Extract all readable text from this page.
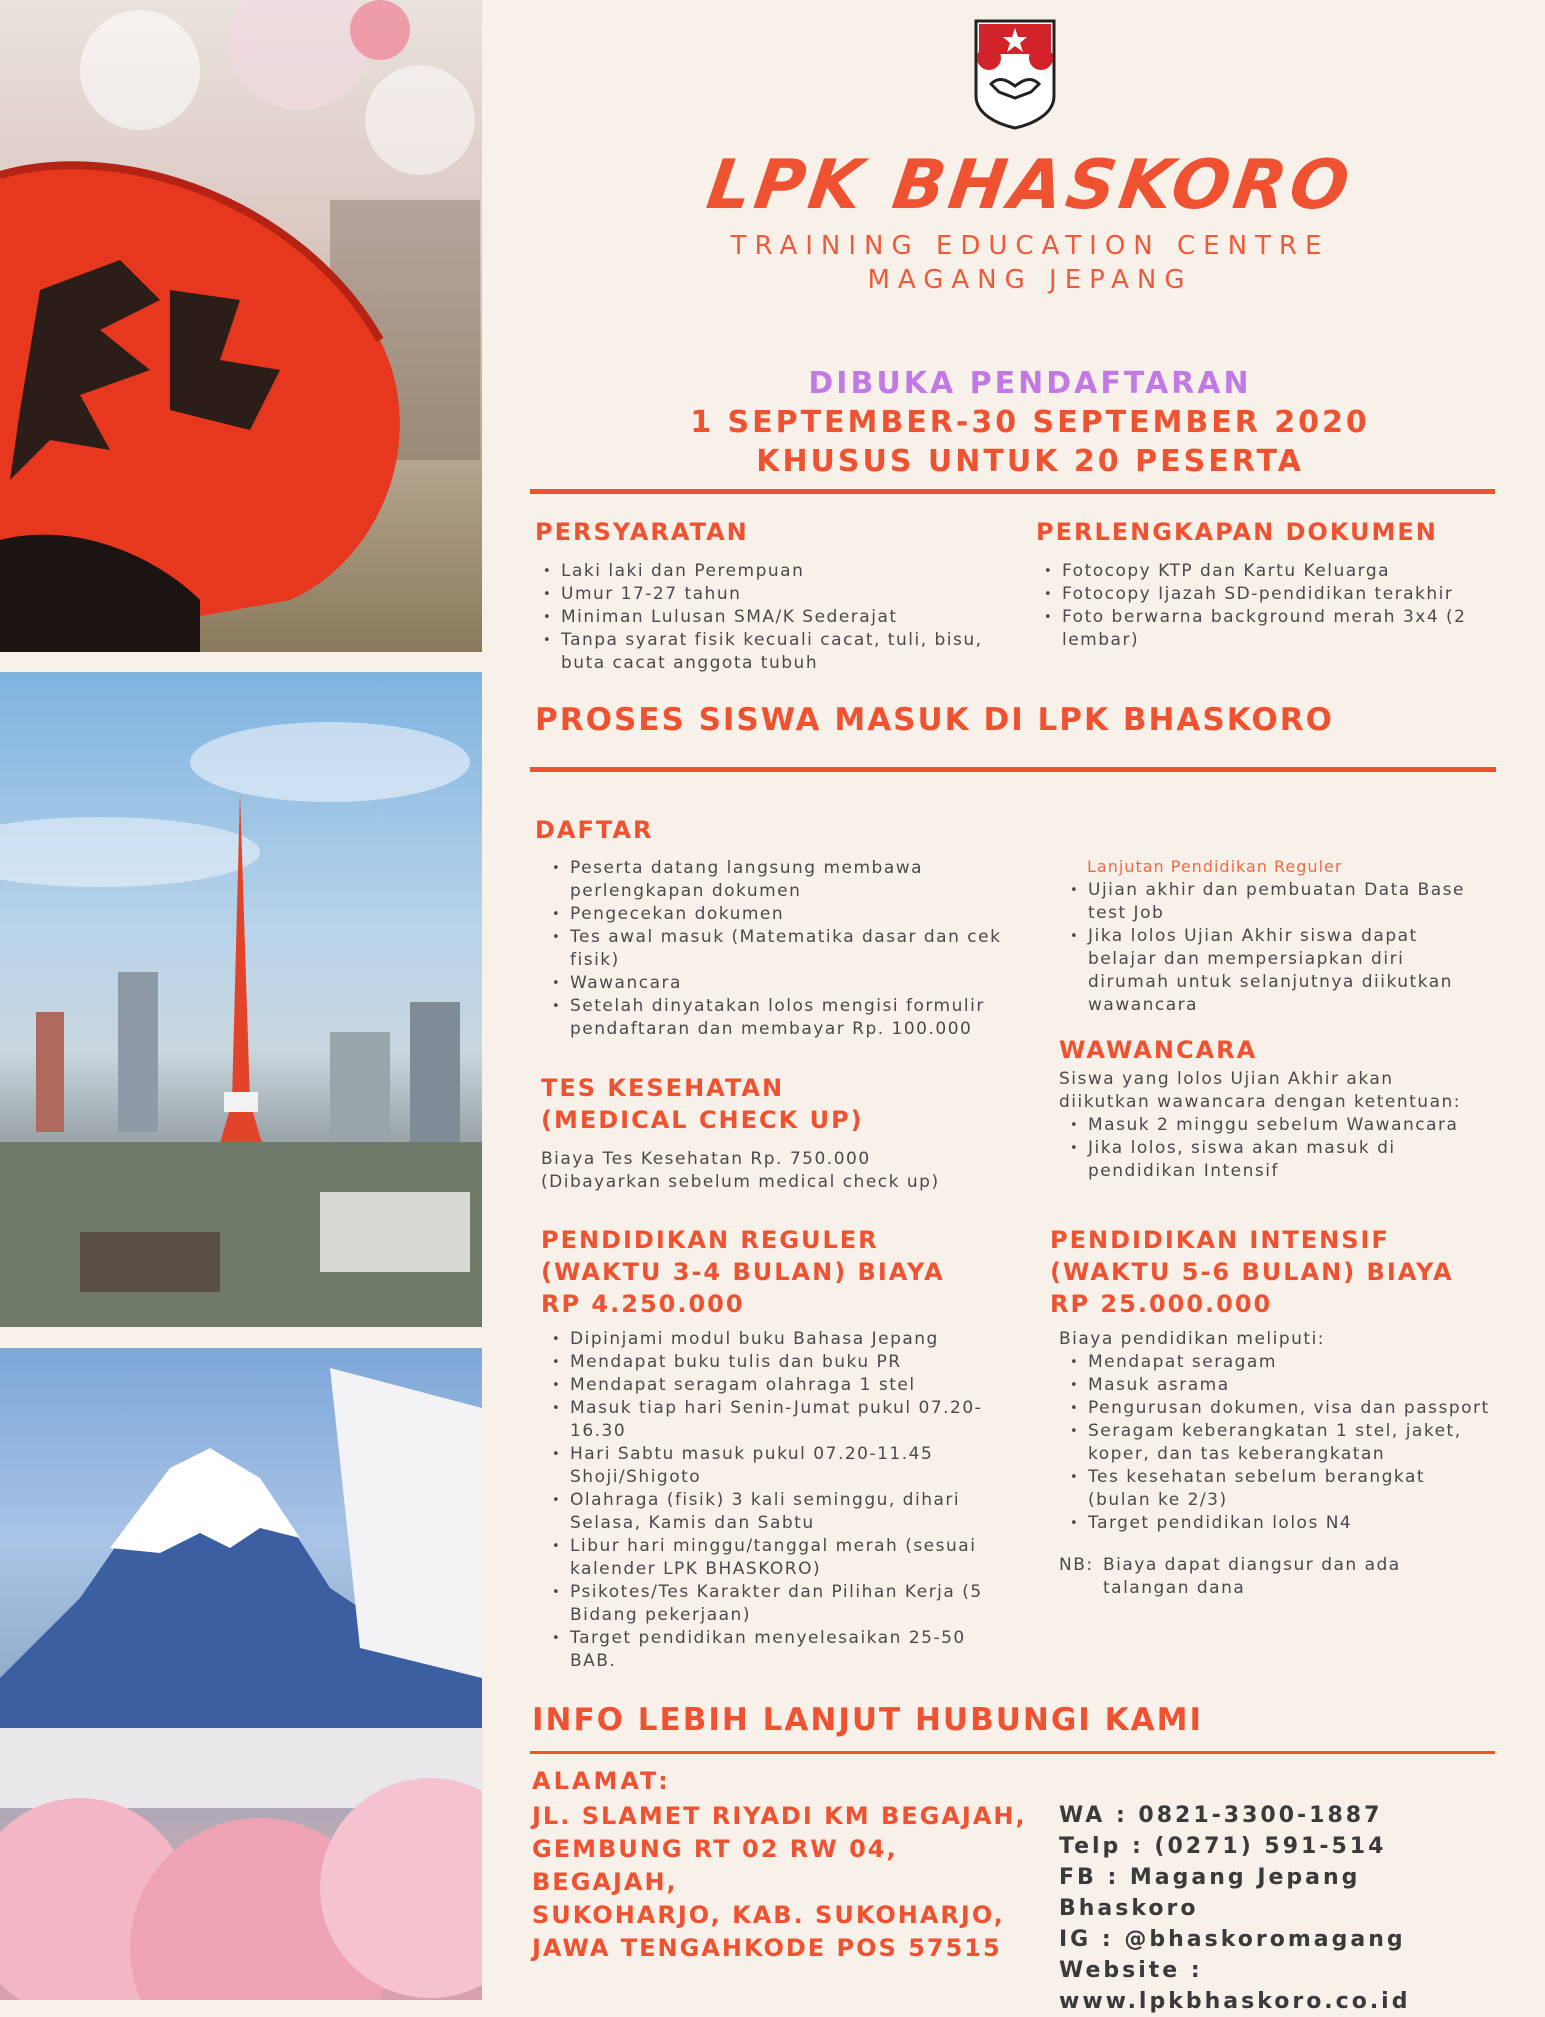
LPK BHASKORO
TRAINING EDUCATION CENTRE
MAGANG JEPANG
DIBUKA PENDAFTARAN
1 SEPTEMBER-30 SEPTEMBER 2020
KHUSUS UNTUK 20 PESERTA
PERSYARATAN
• Laki laki dan Perempuan
• Umur 17-27 tahun
• Miniman Lulusan SMA/K Sederajat
• Tanpa syarat fisik kecuali cacat, tuli, bisu, buta cacat anggota tubuh
PERLENGKAPAN DOKUMEN
• Fotocopy KTP dan Kartu Keluarga
• Fotocopy Ijazah SD-pendidikan terakhir
• Foto berwarna background merah 3x4 (2 lembar)
PROSES SISWA MASUK DI LPK BHASKORO
DAFTAR
• Peserta datang langsung membawa perlengkapan dokumen
• Pengecekan dokumen
• Tes awal masuk (Matematika dasar dan cek fisik)
• Wawancara
• Setelah dinyatakan lolos mengisi formulir pendaftaran dan membayar Rp. 100.000
Lanjutan Pendidikan Reguler
• Ujian akhir dan pembuatan Data Base test Job
• Jika lolos Ujian Akhir siswa dapat belajar dan mempersiapkan diri dirumah untuk selanjutnya diikutkan wawancara
WAWANCARA
Siswa yang lolos Ujian Akhir akan diikutkan wawancara dengan ketentuan:
• Masuk 2 minggu sebelum Wawancara
• Jika lolos, siswa akan masuk di pendidikan Intensif
TES KESEHATAN
(MEDICAL CHECK UP)
Biaya Tes Kesehatan Rp. 750.000
(Dibayarkan sebelum medical check up)
PENDIDIKAN REGULER
(WAKTU 3-4 BULAN) BIAYA
RP 4.250.000
• Dipinjami modul buku Bahasa Jepang
• Mendapat buku tulis dan buku PR
• Mendapat seragam olahraga 1 stel
• Masuk tiap hari Senin-Jumat pukul 07.20-16.30
• Hari Sabtu masuk pukul 07.20-11.45 Shoji/Shigoto
• Olahraga (fisik) 3 kali seminggu, dihari Selasa, Kamis dan Sabtu
• Libur hari minggu/tanggal merah (sesuai kalender LPK BHASKORO)
• Psikotes/Tes Karakter dan Pilihan Kerja (5 Bidang pekerjaan)
• Target pendidikan menyelesaikan 25-50 BAB.
PENDIDIKAN INTENSIF
(WAKTU 5-6 BULAN) BIAYA
RP 25.000.000
Biaya pendidikan meliputi:
• Mendapat seragam
• Masuk asrama
• Pengurusan dokumen, visa dan passport
• Seragam keberangkatan 1 stel, jaket, koper, dan tas keberangkatan
• Tes kesehatan sebelum berangkat (bulan ke 2/3)
• Target pendidikan lolos N4
NB: Biaya dapat diangsur dan ada talangan dana
INFO LEBIH LANJUT HUBUNGI KAMI
ALAMAT:
JL. SLAMET RIYADI KM BEGAJAH,
GEMBUNG RT 02 RW 04, BEGAJAH,
SUKOHARJO, KAB. SUKOHARJO,
JAWA TENGAHKODE POS 57515
WA : 0821-3300-1887
Telp : (0271) 591-514
FB : Magang Jepang Bhaskoro
IG : @bhaskoromagang
Website : www.lpkbhaskoro.co.id
